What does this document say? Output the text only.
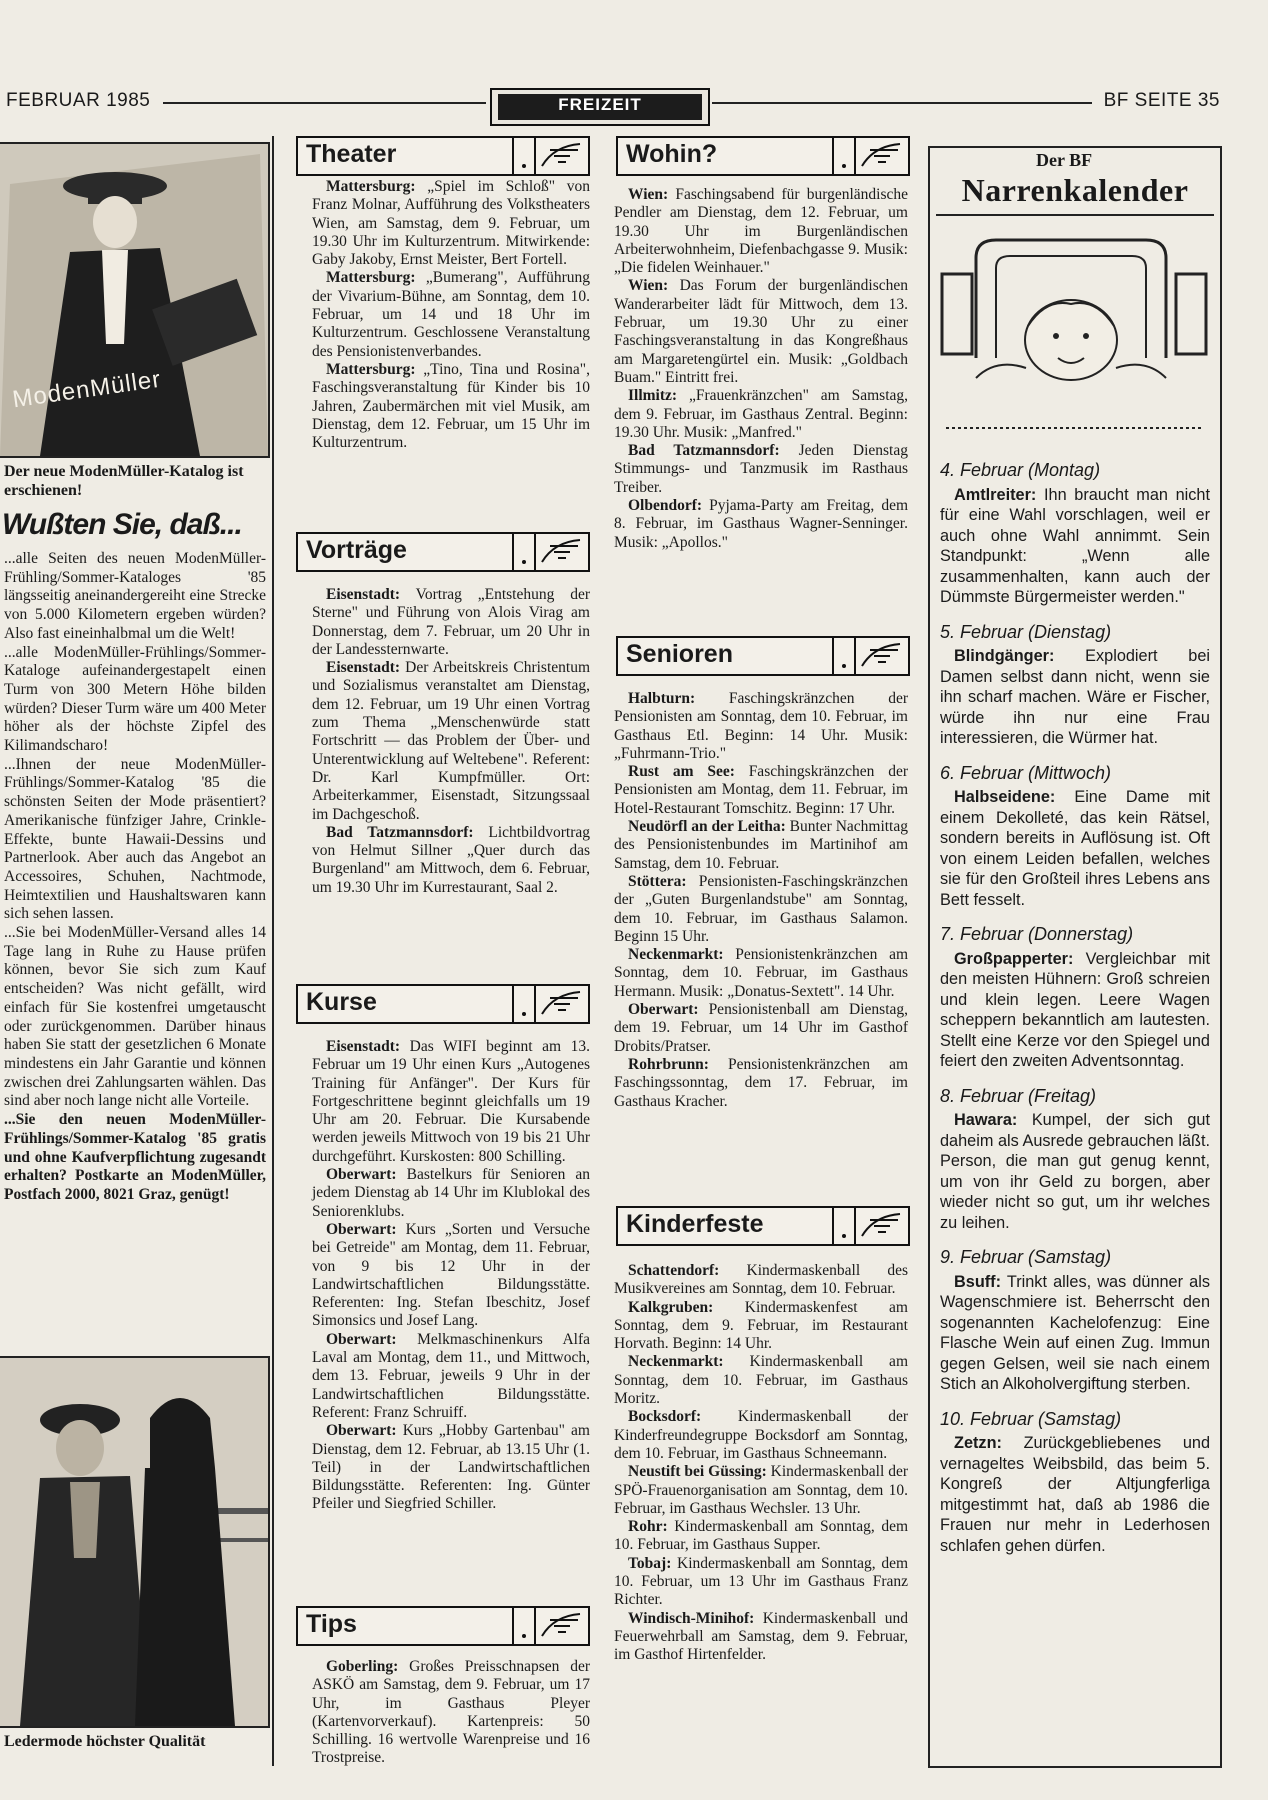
FEBRUAR 1985	FREIZEIT	BF SEITE 35
ModenMüller
Der neue ModenMüller-Katalog ist erschienen!
Wußten Sie, daß...
...alle Seiten des neuen ModenMüller-Frühling/Sommer-Kataloges '85 längsseitig aneinandergereiht eine Strecke von 5.000 Kilometern ergeben würden? Also fast eineinhalbmal um die Welt!
...alle ModenMüller-Frühlings/Sommer-Kataloge aufeinandergestapelt einen Turm von 300 Metern Höhe bilden würden? Dieser Turm wäre um 400 Meter höher als der höchste Zipfel des Kilimandscharo!
...Ihnen der neue ModenMüller-Frühlings/Sommer-Katalog '85 die schönsten Seiten der Mode präsentiert? Amerikanische fünfziger Jahre, Crinkle-Effekte, bunte Hawaii-Dessins und Partnerlook. Aber auch das Angebot an Accessoires, Schuhen, Nachtmode, Heimtextilien und Haushaltswaren kann sich sehen lassen.
...Sie bei ModenMüller-Versand alles 14 Tage lang in Ruhe zu Hause prüfen können, bevor Sie sich zum Kauf entscheiden? Was nicht gefällt, wird einfach für Sie kostenfrei umgetauscht oder zurückgenommen. Darüber hinaus haben Sie statt der gesetzlichen 6 Monate mindestens ein Jahr Garantie und können zwischen drei Zahlungsarten wählen. Das sind aber noch lange nicht alle Vorteile.
...Sie den neuen ModenMüller-Frühlings/Sommer-Katalog '85 gratis und ohne Kaufverpflichtung zugesandt erhalten? Postkarte an ModenMüller, Postfach 2000, 8021 Graz, genügt!
Ledermode höchster Qualität
Theater

Mattersburg: „Spiel im Schloß" von Franz Molnar, Aufführung des Volkstheaters Wien, am Samstag, dem 9. Februar, um 19.30 Uhr im Kulturzentrum. Mitwirkende: Gaby Jakoby, Ernst Meister, Bert Fortell.

Mattersburg: „Bumerang", Aufführung der Vivarium-Bühne, am Sonntag, dem 10. Februar, um 14 und 18 Uhr im Kulturzentrum. Geschlossene Veranstaltung des Pensionistenverbandes.

Mattersburg: „Tino, Tina und Rosina", Faschingsveranstaltung für Kinder bis 10 Jahren, Zaubermärchen mit viel Musik, am Dienstag, dem 12. Februar, um 15 Uhr im Kulturzentrum.

Vorträge

Eisenstadt: Vortrag „Entstehung der Sterne" und Führung von Alois Virag am Donnerstag, dem 7. Februar, um 20 Uhr in der Landessternwarte.

Eisenstadt: Der Arbeitskreis Christentum und Sozialismus veranstaltet am Dienstag, dem 12. Februar, um 19 Uhr einen Vortrag zum Thema „Menschenwürde statt Fortschritt — das Problem der Über- und Unterentwicklung auf Weltebene". Referent: Dr. Karl Kumpfmüller. Ort: Arbeiterkammer, Eisenstadt, Sitzungssaal im Dachgeschoß.

Bad Tatzmannsdorf: Lichtbildvortrag von Helmut Sillner „Quer durch das Burgenland" am Mittwoch, dem 6. Februar, um 19.30 Uhr im Kurrestaurant, Saal 2.

Kurse

Eisenstadt: Das WIFI beginnt am 13. Februar um 19 Uhr einen Kurs „Autogenes Training für Anfänger". Der Kurs für Fortgeschrittene beginnt gleichfalls um 19 Uhr am 20. Februar. Die Kursabende werden jeweils Mittwoch von 19 bis 21 Uhr durchgeführt. Kurskosten: 800 Schilling.

Oberwart: Bastelkurs für Senioren an jedem Dienstag ab 14 Uhr im Klublokal des Seniorenklubs.

Oberwart: Kurs „Sorten und Versuche bei Getreide" am Montag, dem 11. Februar, von 9 bis 12 Uhr in der Landwirtschaftlichen Bildungsstätte. Referenten: Ing. Stefan Ibeschitz, Josef Simonsics und Josef Lang.

Oberwart: Melkmaschinenkurs Alfa Laval am Montag, dem 11., und Mittwoch, dem 13. Februar, jeweils 9 Uhr in der Landwirtschaftlichen Bildungsstätte. Referent: Franz Schruiff.

Oberwart: Kurs „Hobby Gartenbau" am Dienstag, dem 12. Februar, ab 13.15 Uhr (1. Teil) in der Landwirtschaftlichen Bildungsstätte. Referenten: Ing. Günter Pfeiler und Siegfried Schiller.

Tips

Goberling: Großes Preisschnapsen der ASKÖ am Samstag, dem 9. Februar, um 17 Uhr, im Gasthaus Pleyer (Kartenvorverkauf). Kartenpreis: 50 Schilling. 16 wertvolle Warenpreise und 16 Trostpreise.

Wohin?

Wien: Faschingsabend für burgenländische Pendler am Dienstag, dem 12. Februar, um 19.30 Uhr im Burgenländischen Arbeiterwohnheim, Diefenbachgasse 9. Musik: „Die fidelen Weinhauer."

Wien: Das Forum der burgenländischen Wanderarbeiter lädt für Mittwoch, dem 13. Februar, um 19.30 Uhr zu einer Faschingsveranstaltung in das Kongreßhaus am Margaretengürtel ein. Musik: „Goldbach Buam." Eintritt frei.

Illmitz: „Frauenkränzchen" am Samstag, dem 9. Februar, im Gasthaus Zentral. Beginn: 19.30 Uhr. Musik: „Manfred."

Bad Tatzmannsdorf: Jeden Dienstag Stimmungs- und Tanzmusik im Rasthaus Treiber.

Olbendorf: Pyjama-Party am Freitag, dem 8. Februar, im Gasthaus Wagner-Senninger. Musik: „Apollos."

Senioren

Halbturn: Faschingskränzchen der Pensionisten am Sonntag, dem 10. Februar, im Gasthaus Etl. Beginn: 14 Uhr. Musik: „Fuhrmann-Trio."

Rust am See: Faschingskränzchen der Pensionisten am Montag, dem 11. Februar, im Hotel-Restaurant Tomschitz. Beginn: 17 Uhr.

Neudörfl an der Leitha: Bunter Nachmittag des Pensionistenbundes im Martinihof am Samstag, dem 10. Februar.

Stöttera: Pensionisten-Faschingskränzchen der „Guten Burgenlandstube" am Sonntag, dem 10. Februar, im Gasthaus Salamon. Beginn 15 Uhr.

Neckenmarkt: Pensionistenkränzchen am Sonntag, dem 10. Februar, im Gasthaus Hermann. Musik: „Donatus-Sextett". 14 Uhr.

Oberwart: Pensionistenball am Dienstag, dem 19. Februar, um 14 Uhr im Gasthof Drobits/Pratser.

Rohrbrunn: Pensionistenkränzchen am Faschingssonntag, dem 17. Februar, im Gasthaus Kracher.

Kinderfeste

Schattendorf: Kindermaskenball des Musikvereines am Sonntag, dem 10. Februar.

Kalkgruben: Kindermaskenfest am Sonntag, dem 9. Februar, im Restaurant Horvath. Beginn: 14 Uhr.

Neckenmarkt: Kindermaskenball am Sonntag, dem 10. Februar, im Gasthaus Moritz.

Bocksdorf: Kindermaskenball der Kinderfreundegruppe Bocksdorf am Sonntag, dem 10. Februar, im Gasthaus Schneemann.

Neustift bei Güssing: Kindermaskenball der SPÖ-Frauenorganisation am Sonntag, dem 10. Februar, im Gasthaus Wechsler. 13 Uhr.

Rohr: Kindermaskenball am Sonntag, dem 10. Februar, im Gasthaus Supper.

Tobaj: Kindermaskenball am Sonntag, dem 10. Februar, um 13 Uhr im Gasthaus Franz Richter.

Windisch-Minihof: Kindermaskenball und Feuerwehrball am Samstag, dem 9. Februar, im Gasthof Hirtenfelder.

Der BF
Narrenkalender
4. Februar (Montag)

Amtlreiter: Ihn braucht man nicht für eine Wahl vorschlagen, weil er auch ohne Wahl annimmt. Sein Standpunkt: „Wenn alle zusammenhalten, kann auch der Dümmste Bürgermeister werden."

5. Februar (Dienstag)

Blindgänger: Explodiert bei Damen selbst dann nicht, wenn sie ihn scharf machen. Wäre er Fischer, würde ihn nur eine Frau interessieren, die Würmer hat.

6. Februar (Mittwoch)

Halbseidene: Eine Dame mit einem Dekolleté, das kein Rätsel, sondern bereits in Auflösung ist. Oft von einem Leiden befallen, welches sie für den Großteil ihres Lebens ans Bett fesselt.

7. Februar (Donnerstag)

Großpapperter: Vergleichbar mit den meisten Hühnern: Groß schreien und klein legen. Leere Wagen scheppern bekanntlich am lautesten. Stellt eine Kerze vor den Spiegel und feiert den zweiten Adventsonntag.

8. Februar (Freitag)

Hawara: Kumpel, der sich gut daheim als Ausrede gebrauchen läßt. Person, die man gut genug kennt, um von ihr Geld zu borgen, aber wieder nicht so gut, um ihr welches zu leihen.

9. Februar (Samstag)

Bsuff: Trinkt alles, was dünner als Wagenschmiere ist. Beherrscht den sogenannten Kachelofenzug: Eine Flasche Wein auf einen Zug. Immun gegen Gelsen, weil sie nach einem Stich an Alkoholvergiftung sterben.

10. Februar (Samstag)

Zetzn: Zurückgebliebenes und vernageltes Weibsbild, das beim 5. Kongreß der Altjungferliga mitgestimmt hat, daß ab 1986 die Frauen nur mehr in Lederhosen schlafen gehen dürfen.
